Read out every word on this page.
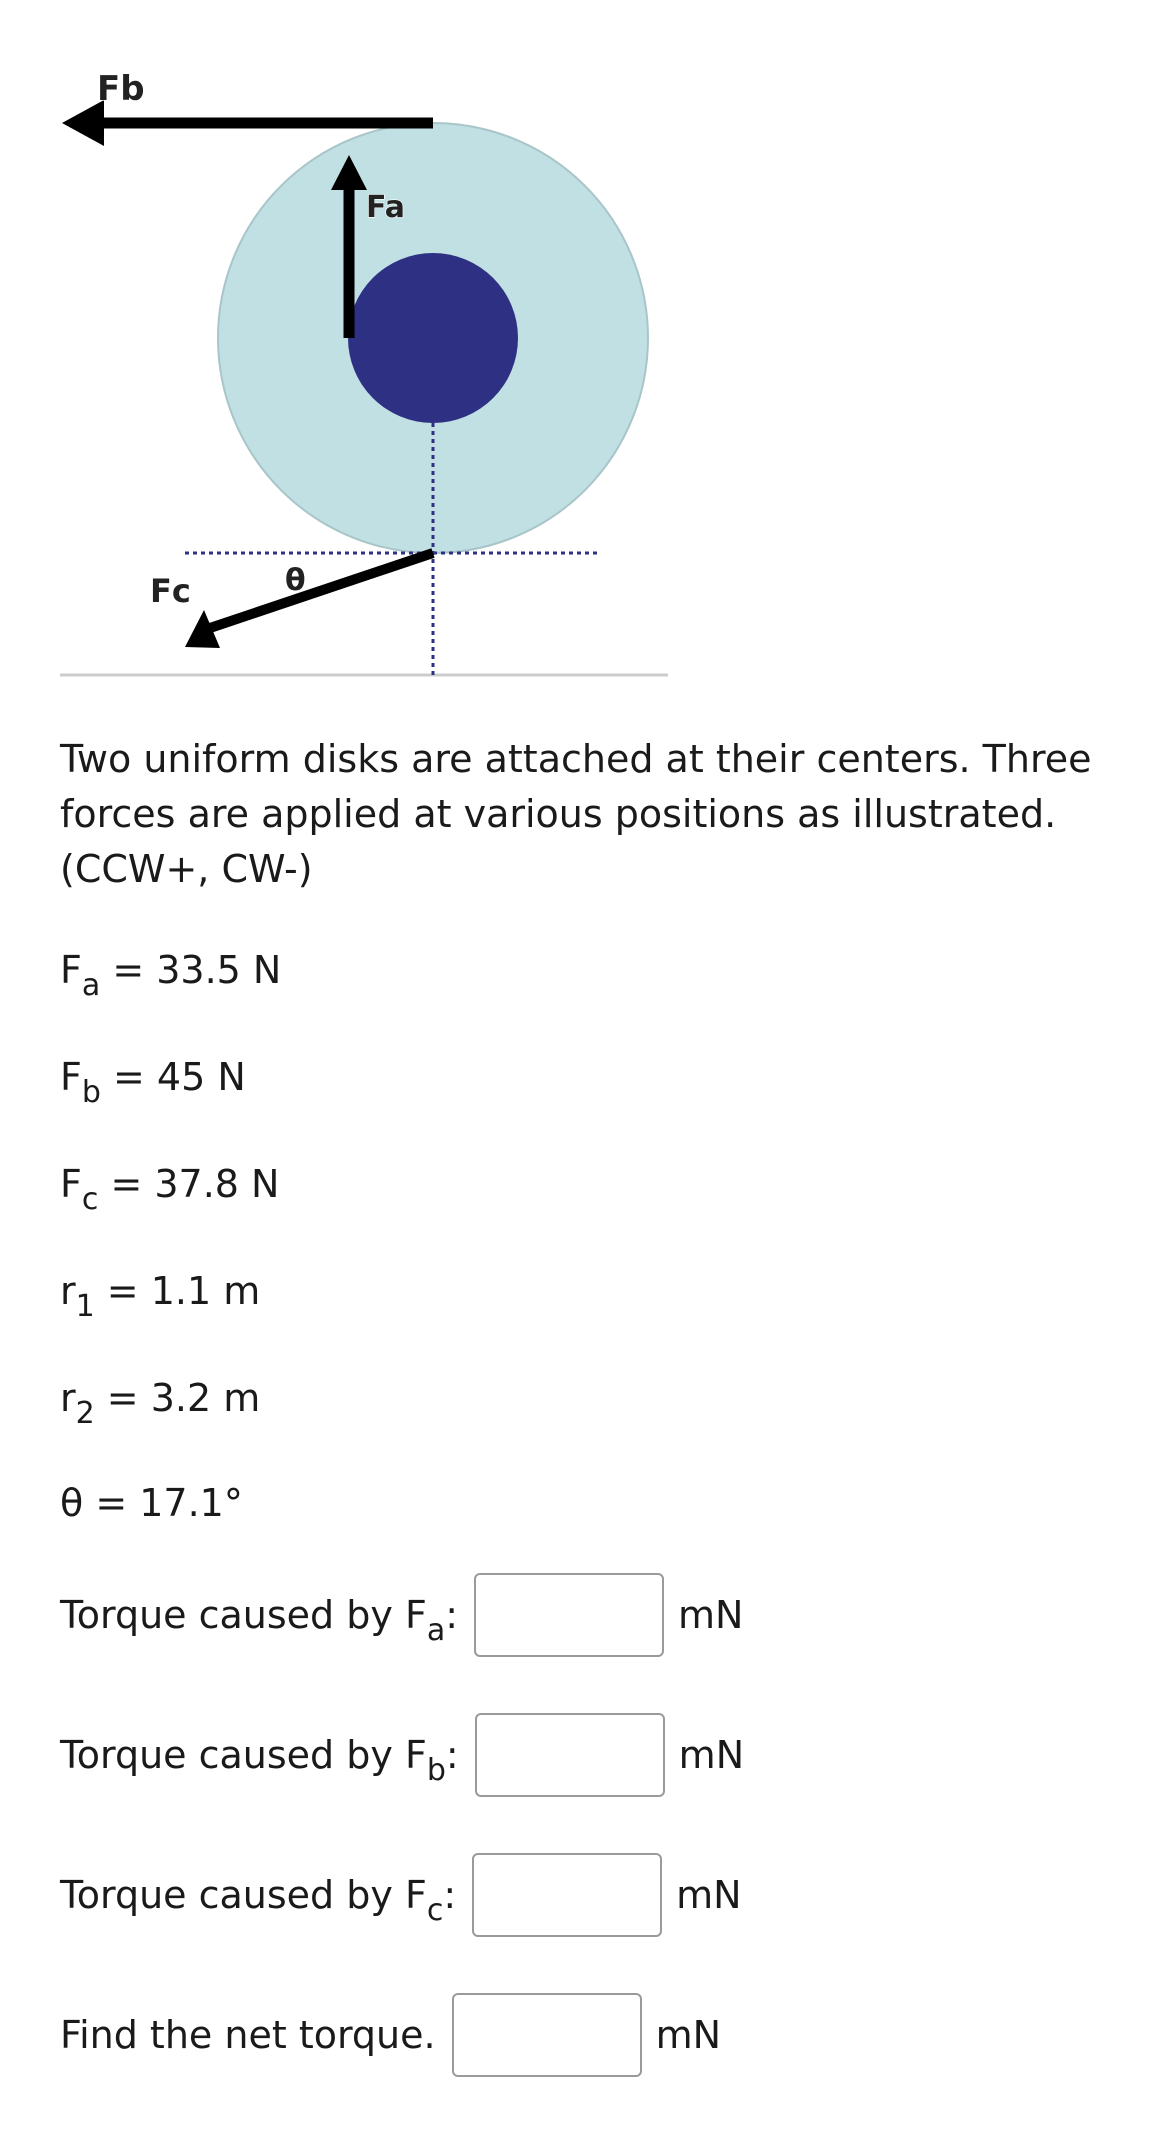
Fb
Fa
Fc	θ

Two uniform disks are attached at their centers. Three forces are applied at various positions as illustrated. (CCW+, CW-)

$F_a = 33.5$ N
$F_b = 45$ N
$F_c = 37.8$ N
$r_1 = 1.1$ m
$r_2 = 3.2$ m
θ = 17.1°
Torque caused by $F_a$:	mN
Torque caused by $F_b$:	mN
Torque caused by $F_c$:	mN
Find the net torque.	mN
